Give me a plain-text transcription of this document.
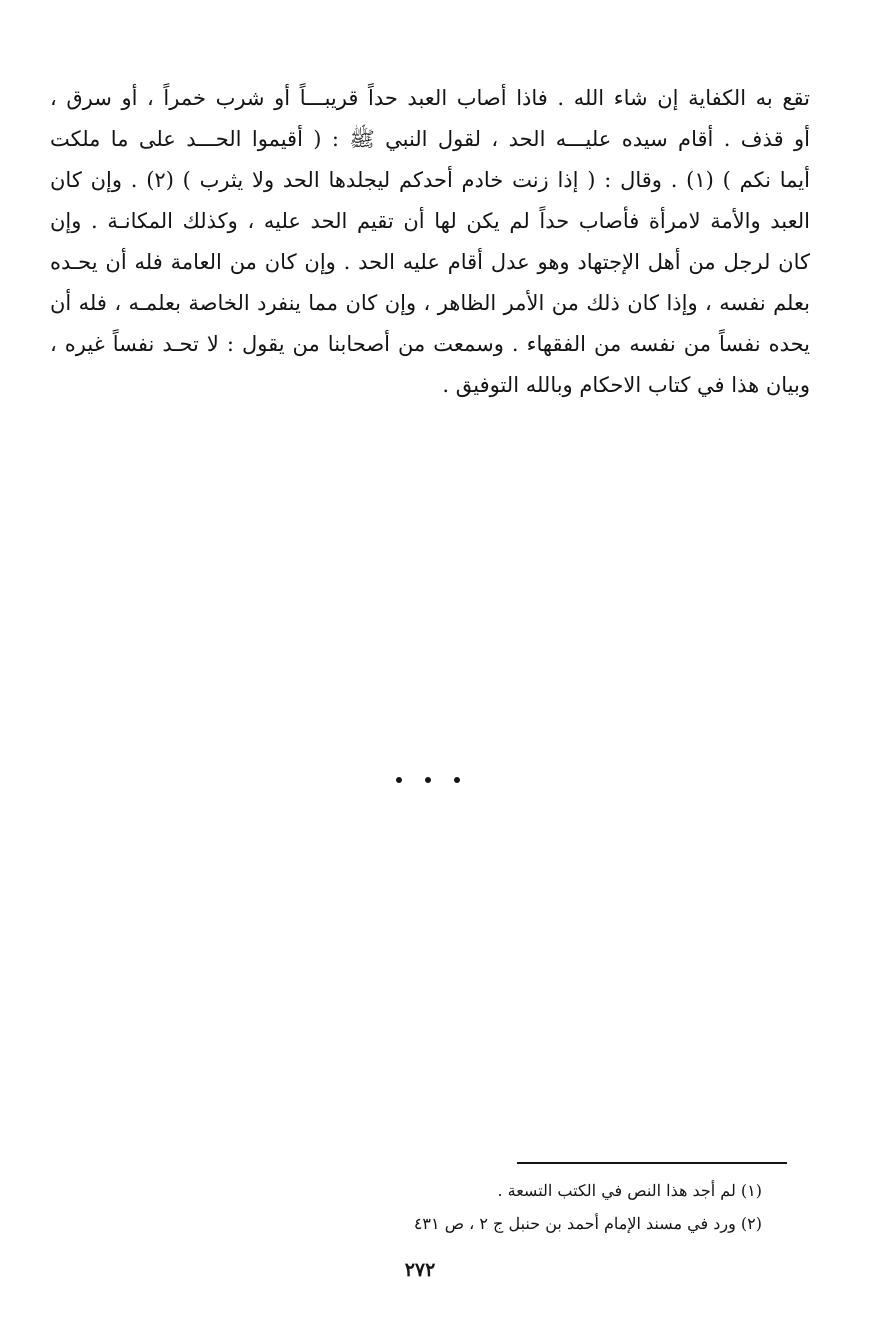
تقع به الكفاية إن شاء الله . فاذا أصاب العبد حداً قريبـــاً أو شرب خمراً ، أو سرق ،
أو قذف . أقام سيده عليـــه الحد ، لقول النبي ﷺ : ( أقيموا الحـــد على ما ملكت
أيما نكم ) (١) . وقال : ( إذا زنت خادم أحدكم ليجلدها الحد ولا يثرب ) (٢) . وإن كان
العبد والأمة لامرأة فأصاب حداً لم يكن لها أن تقيم الحد عليه ، وكذلك المكانـة . وإن
كان لرجل من أهل الإجتهاد وهو عدل أقام عليه الحد . وإن كان من العامة فله أن يحـده
بعلم نفسه ، وإذا كان ذلك من الأمر الظاهر ، وإن كان مما ينفرد الخاصة بعلمـه ، فله أن
يحده نفساً من نفسه من الفقهاء . وسمعت من أصحابنا من يقول : لا تحـد نفساً غيره ،
وبيان هذا في كتاب الاحكام وبالله التوفيق .
(١) لم أجد هذا النص في الكتب التسعة .
(٢) ورد في مسند الإمام أحمد بن حنبل ج ٢ ، ص ٤٣١
٢٧٢
